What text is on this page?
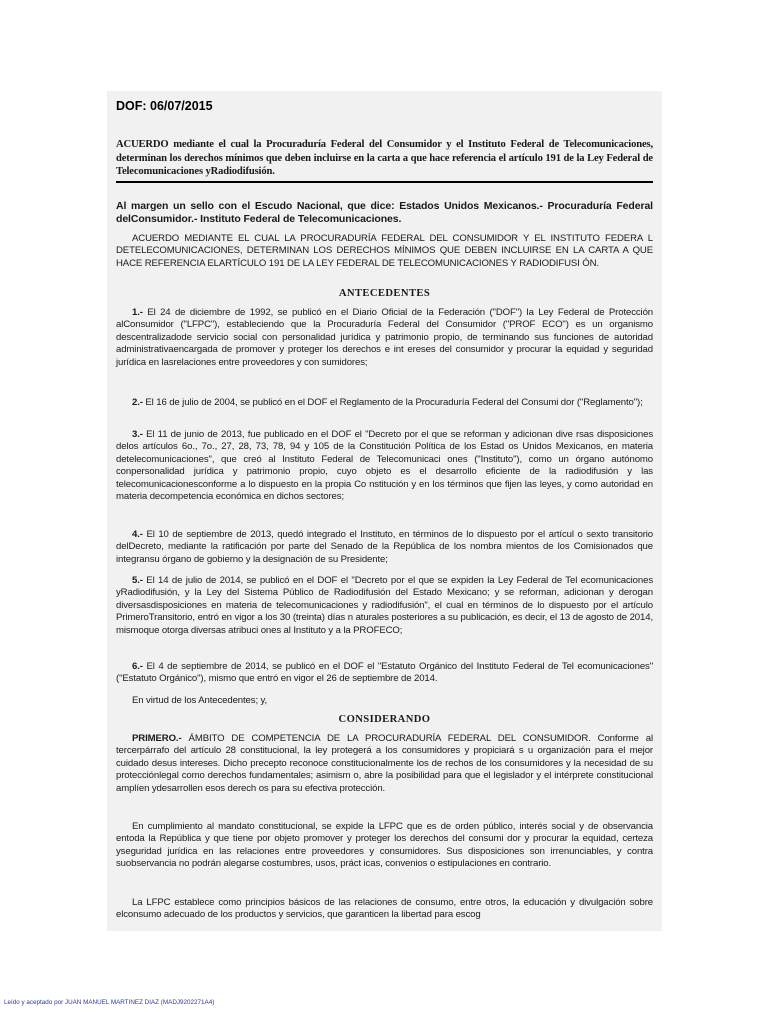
DOF: 06/07/2015
ACUERDO mediante el cual la Procuraduría Federal del Consumidor y el Instituto Federal de Telecomunicaciones, determinan los derechos mínimos que deben incluirse en la carta a que hace referencia el artículo 191 de la Ley Federal de Telecomunicaciones yRadiodifusión.
Al margen un sello con el Escudo Nacional, que dice: Estados Unidos Mexicanos.- Procuraduría Federal delConsumidor.- Instituto Federal de Telecomunicaciones.
ACUERDO MEDIANTE EL CUAL LA PROCURADURÍA FEDERAL DEL CONSUMIDOR Y EL INSTITUTO FEDERA L DETELECOMUNICACIONES, DETERMINAN LOS DERECHOS MÍNIMOS QUE DEBEN INCLUIRSE EN LA CARTA A QUE HACE REFERENCIA ELARTÍCULO 191 DE LA LEY FEDERAL DE TELECOMUNICACIONES Y RADIODIFUSI ÓN.
ANTECEDENTES
1.- El 24 de diciembre de 1992, se publicó en el Diario Oficial de la Federación ("DOF") la Ley Federal de Protección alConsumidor ("LFPC"), estableciendo que la Procuraduría Federal del Consumidor ("PROF ECO") es un organismo descentralizadode servicio social con personalidad jurídica y patrimonio propio, de terminando sus funciones de autoridad administrativaencargada de promover y proteger los derechos e int ereses del consumidor y procurar la equidad y seguridad jurídica en lasrelaciones entre proveedores y con sumidores;
2.- El 16 de julio de 2004, se publicó en el DOF el Reglamento de la Procuraduría Federal del Consumi dor ("Reglamento");
3.- El 11 de junio de 2013, fue publicado en el DOF el "Decreto por el que se reforman y adicionan dive rsas disposiciones delos artículos 6o., 7o., 27, 28, 73, 78, 94 y 105 de la Constitución Política de los Estad os Unidos Mexicanos, en materia detelecomunicaciones", que creó al Instituto Federal de Telecomunicaci ones ("Instituto"), como un órgano autónomo conpersonalidad jurídica y patrimonio propio, cuyo objeto es el desarrollo eficiente de la radiodifusión y las telecomunicacionesconforme a lo dispuesto en la propia Co nstitución y en los términos que fijen las leyes, y como autoridad en materia decompetencia económica en dichos sectores;
4.- El 10 de septiembre de 2013, quedó integrado el Instituto, en términos de lo dispuesto por el artícul o sexto transitorio delDecreto, mediante la ratificación por parte del Senado de la República de los nombra mientos de los Comisionados que integransu órgano de gobierno y la designación de su Presidente;
5.- El 14 de julio de 2014, se publicó en el DOF el "Decreto por el que se expiden la Ley Federal de Tel ecomunicaciones yRadiodifusión, y la Ley del Sistema Público de Radiodifusión del Estado Mexicano; y se reforman, adicionan y derogan diversasdisposiciones en materia de telecomunicaciones y radiodifusión", el cual en términos de lo dispuesto por el artículo PrimeroTransitorio, entró en vigor a los 30 (treinta) días n aturales posteriores a su publicación, es decir, el 13 de agosto de 2014, mismoque otorga diversas atribuci ones al Instituto y a la PROFECO;
6.- El 4 de septiembre de 2014, se publicó en el DOF el "Estatuto Orgánico del Instituto Federal de Tel ecomunicaciones"("Estatuto Orgánico"), mismo que entró en vigor el 26 de septiembre de 2014.
En virtud de los Antecedentes; y,
CONSIDERANDO
PRIMERO.- ÁMBITO DE COMPETENCIA DE LA PROCURADURÍA FEDERAL DEL CONSUMIDOR. Conforme al tercerpárrafo del artículo 28 constitucional, la ley protegerá a los consumidores y propiciará s u organización para el mejor cuidado desus intereses. Dicho precepto reconoce constitucionalmente los de rechos de los consumidores y la necesidad de su protecciónlegal como derechos fundamentales; asimism o, abre la posibilidad para que el legislador y el intérprete constitucional amplíen ydesarrollen esos derech os para su efectiva protección.
En cumplimiento al mandato constitucional, se expide la LFPC que es de orden público, interés social y de observancia entoda la República y que tiene por objeto promover y proteger los derechos del consumi dor y procurar la equidad, certeza yseguridad jurídica en las relaciones entre proveedores y consumidores. Sus disposiciones son irrenunciables, y contra suobservancia no podrán alegarse costumbres, usos, práct icas, convenios o estipulaciones en contrario.
La LFPC establece como principios básicos de las relaciones de consumo, entre otros, la educación y divulgación sobre elconsumo adecuado de los productos y servicios, que garanticen la libertad para escog
Leído y aceptado por JUAN MANUEL MARTINEZ DIAZ (MADJ9202271A4)
